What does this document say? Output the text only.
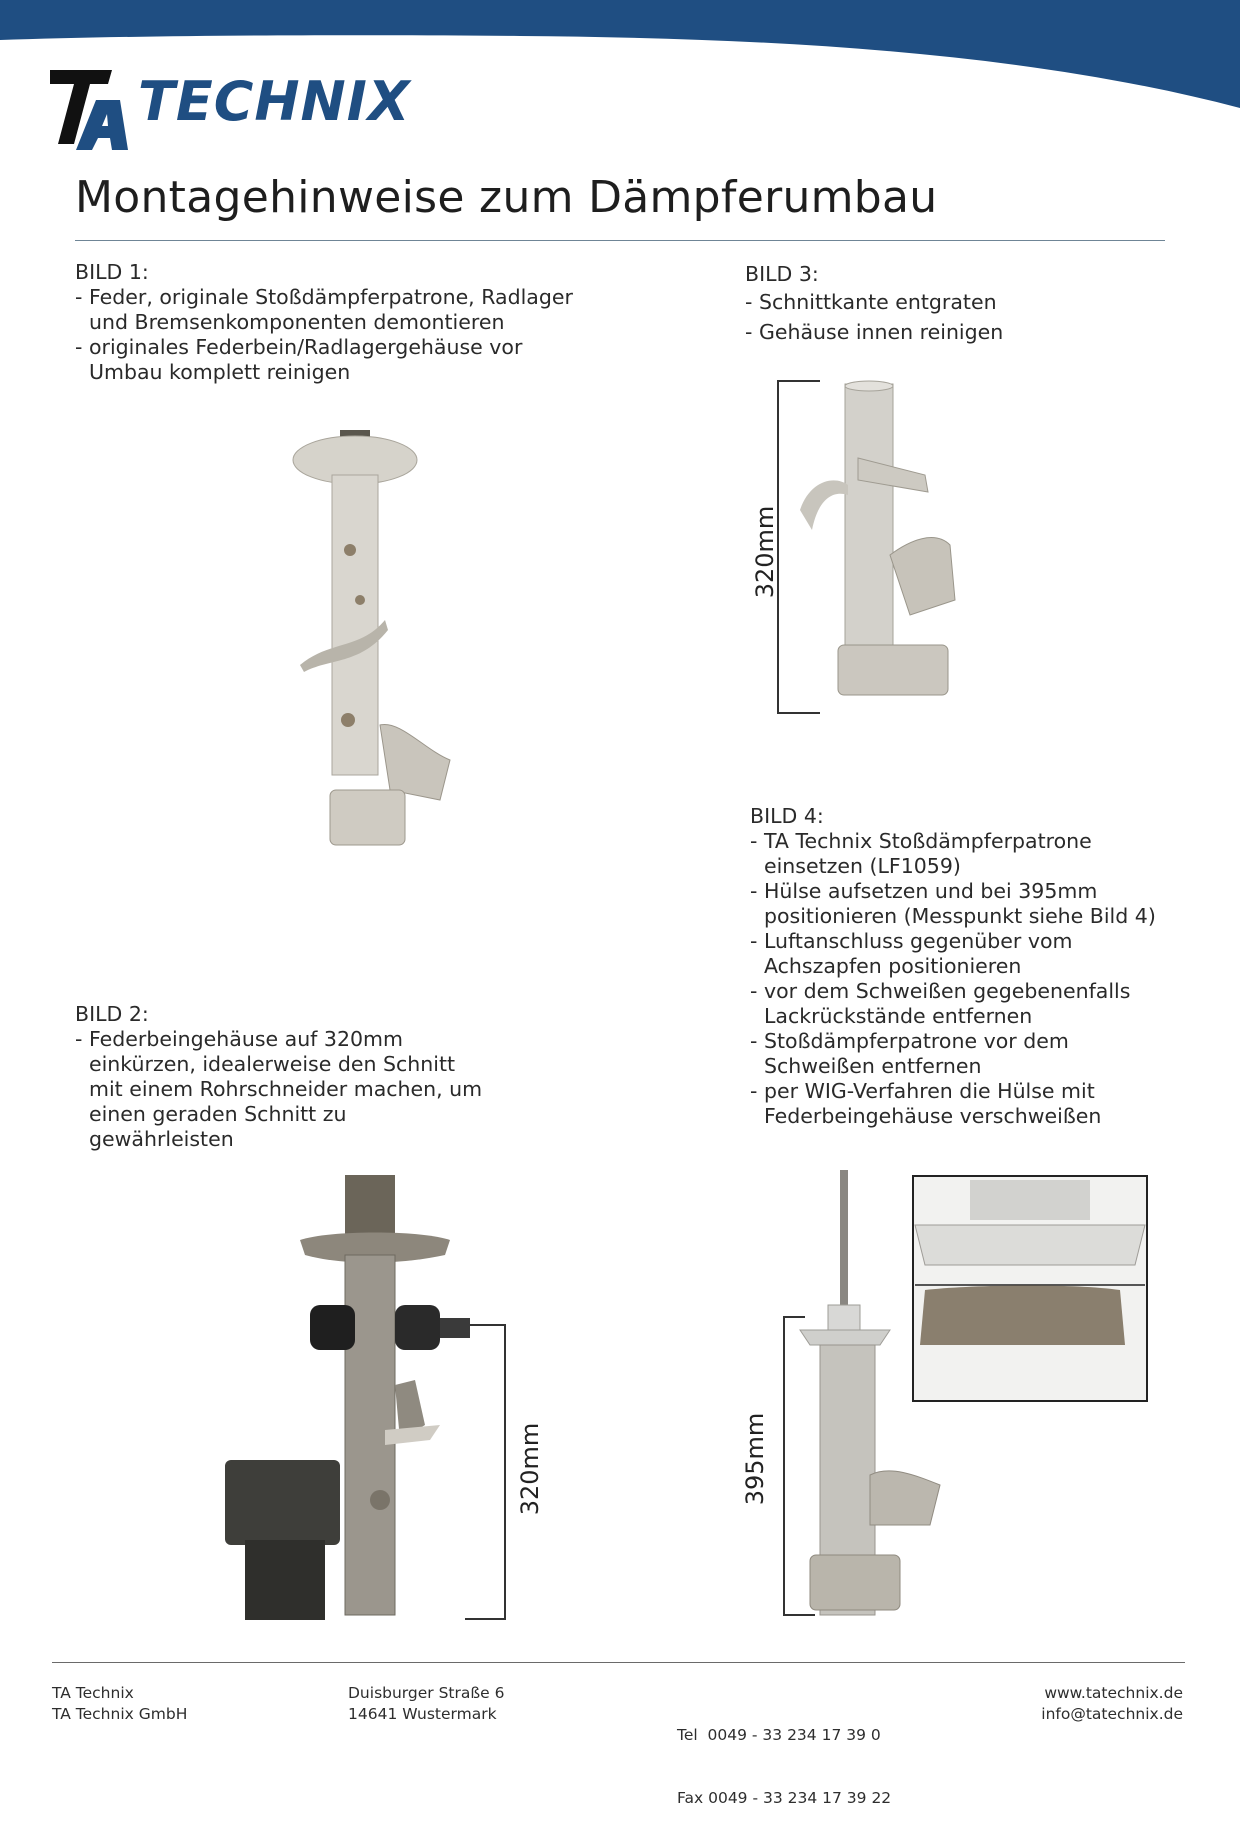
TECHNIX
Montagehinweise zum Dämpferumbau
BILD 1:
- Feder, originale Stoßdämpferpatrone, Radlager und Bremsenkomponenten demontieren
- originales Federbein/Radlagergehäuse vor Umbau komplett reinigen
BILD 3:
- Schnittkante entgraten
- Gehäuse innen reinigen
320mm
BILD 4:
- TA Technix Stoßdämpferpatrone einsetzen (LF1059)
- Hülse aufsetzen und bei 395mm positionieren (Messpunkt siehe Bild 4)
- Luftanschluss gegenüber vom Achszapfen positionieren
- vor dem Schweißen gegebenenfalls Lackrückstände entfernen
- Stoßdämpferpatrone vor dem Schweißen entfernen
- per WIG-Verfahren die Hülse mit Federbeingehäuse verschweißen
BILD 2:
- Federbeingehäuse auf 320mm einkürzen, idealerweise den Schnitt mit einem Rohrschneider machen, um einen geraden Schnitt zu gewährleisten
320mm	395mm
TA Technix
TA Technix GmbH
Duisburger Straße 6
14641 Wustermark

Tel  0049 - 33 234 17 39 0

Fax 0049 - 33 234 17 39 22

www.tatechnix.de
info@tatechnix.de
